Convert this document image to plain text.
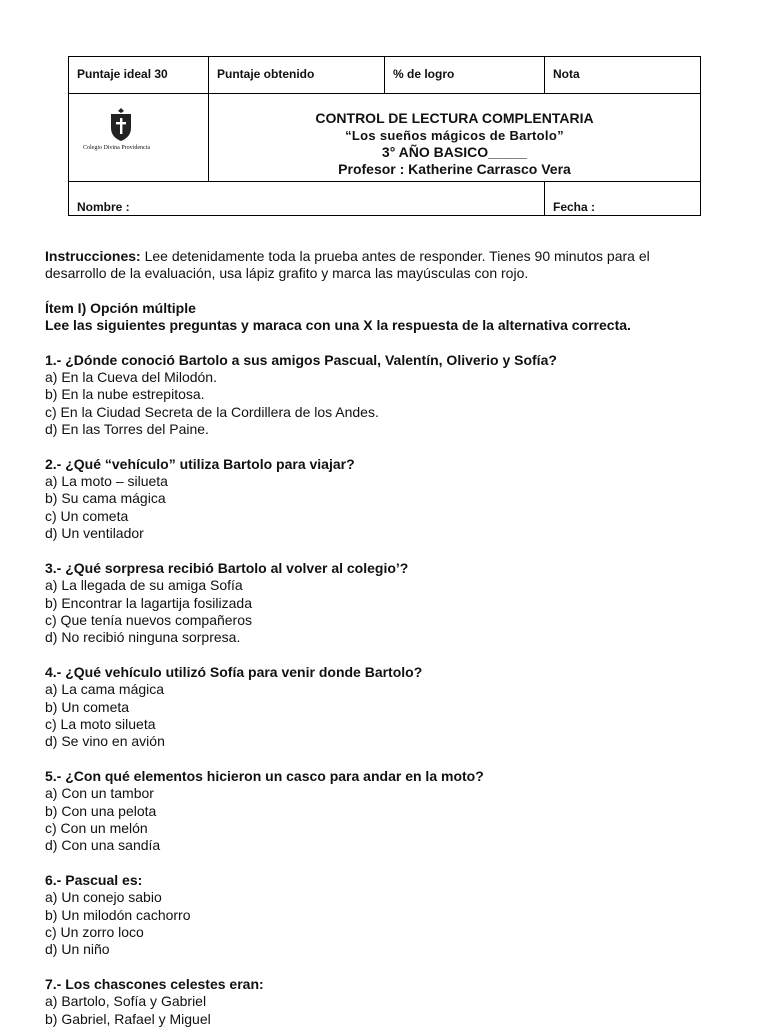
Puntaje ideal 30	Puntaje obtenido	% de logro	Nota
Colegio Divina Providencia
CONTROL DE LECTURA COMPLENTARIA
“Los sueños mágicos de Bartolo”
3° AÑO BASICO_____
Profesor : Katherine Carrasco Vera
Nombre :	Fecha :

Instrucciones: Lee detenidamente toda la prueba antes de responder. Tienes 90 minutos para el desarrollo de la evaluación, usa lápiz grafito y marca las mayúsculas con rojo.

Ítem I) Opción múltiple
Lee las siguientes preguntas y maraca con una X la respuesta de la alternativa correcta.
1.- ¿Dónde conoció Bartolo a sus amigos Pascual, Valentín, Oliverio y Sofía?
a) En la Cueva del Milodón.
b) En la nube estrepitosa.
c) En la Ciudad Secreta de la Cordillera de los Andes.
d) En las Torres del Paine.
2.- ¿Qué “vehículo” utiliza Bartolo para viajar?
a) La moto – silueta
b) Su cama mágica
c) Un cometa
d) Un ventilador
3.- ¿Qué sorpresa recibió Bartolo al volver al colegio’?
a) La llegada de su amiga Sofía
b) Encontrar la lagartija fosilizada
c) Que tenía nuevos compañeros
d) No recibió ninguna sorpresa.
4.- ¿Qué vehículo utilizó Sofía para venir donde Bartolo?
a) La cama mágica
b) Un cometa
c) La moto silueta
d) Se vino en avión
5.- ¿Con qué elementos hicieron un casco para andar en la moto?
a) Con un tambor
b) Con una pelota
c) Con un melón
d) Con una sandía
6.- Pascual es:
a) Un conejo sabio
b) Un milodón cachorro
c) Un zorro loco
d) Un niño
7.- Los chascones celestes eran:
a) Bartolo, Sofía y Gabriel
b) Gabriel, Rafael y Miguel
